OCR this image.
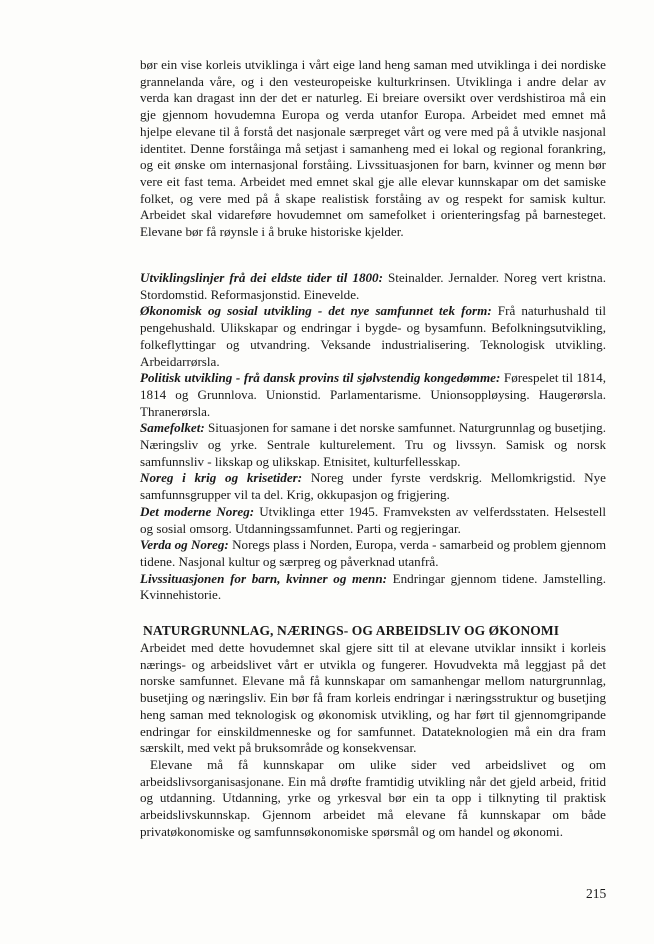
bør ein vise korleis utviklinga i vårt eige land heng saman med utviklinga i dei nordiske grannelanda våre, og i den vesteuropeiske kulturkrinsen. Utviklinga i andre delar av verda kan dragast inn der det er naturleg. Ei breiare oversikt over verdshistiroa må ein gje gjennom hovudemna Europa og verda utanfor Europa. Arbeidet med emnet må hjelpe elevane til å forstå det nasjonale særpreget vårt og vere med på å utvikle nasjonal identitet. Denne forståinga må setjast i samanheng med ei lokal og regional forankring, og eit ønske om internasjonal forståing. Livssituasjonen for barn, kvinner og menn bør vere eit fast tema. Arbeidet med emnet skal gje alle elevar kunnskapar om det samiske folket, og vere med på å skape realistisk forståing av og respekt for samisk kultur. Arbeidet skal vidareføre hovudemnet om samefolket i orienteringsfag på barnesteget. Elevane bør få røynsle i å bruke historiske kjelder.

Utviklingslinjer frå dei eldste tider til 1800: Steinalder. Jernalder. Noreg vert kristna. Stordomstid. Reformasjonstid. Einevelde.

Økonomisk og sosial utvikling - det nye samfunnet tek form: Frå naturhushald til pengehushald. Ulikskapar og endringar i bygde- og bysamfunn. Befolkningsutvikling, folkeflyttingar og utvandring. Veksande industrialisering. Teknologisk utvikling. Arbeidarrørsla.

Politisk utvikling - frå dansk provins til sjølvstendig kongedømme: Førespelet til 1814, 1814 og Grunnlova. Unionstid. Parlamentarisme. Unionsoppløysing. Haugerørsla. Thranerørsla.

Samefolket: Situasjonen for samane i det norske samfunnet. Naturgrunnlag og busetjing. Næringsliv og yrke. Sentrale kulturelement. Tru og livssyn. Samisk og norsk samfunnsliv - likskap og ulikskap. Etnisitet, kulturfellesskap.

Noreg i krig og krisetider: Noreg under fyrste verdskrig. Mellomkrigstid. Nye samfunnsgrupper vil ta del. Krig, okkupasjon og frigjering.

Det moderne Noreg: Utviklinga etter 1945. Framveksten av velferdsstaten. Helsestell og sosial omsorg. Utdanningssamfunnet. Parti og regjeringar.

Verda og Noreg: Noregs plass i Norden, Europa, verda - samarbeid og problem gjennom tidene. Nasjonal kultur og særpreg og påverknad utanfrå.

Livssituasjonen for barn, kvinner og menn: Endringar gjennom tidene. Jamstelling. Kvinnehistorie.

NATURGRUNNLAG, NÆRINGS- OG ARBEIDSLIV OG ØKONOMI

Arbeidet med dette hovudemnet skal gjere sitt til at elevane utviklar innsikt i korleis nærings- og arbeidslivet vårt er utvikla og fungerer. Hovudvekta må leggjast på det norske samfunnet. Elevane må få kunnskapar om samanhengar mellom naturgrunnlag, busetjing og næringsliv. Ein bør få fram korleis endringar i næringsstruktur og busetjing heng saman med teknologisk og økonomisk utvikling, og har ført til gjennomgripande endringar for einskildmenneske og for samfunnet. Datateknologien må ein dra fram særskilt, med vekt på bruksområde og konsekvensar.

Elevane må få kunnskapar om ulike sider ved arbeidslivet og om arbeidslivsorganisasjonane. Ein må drøfte framtidig utvikling når det gjeld arbeid, fritid og utdanning. Utdanning, yrke og yrkesval bør ein ta opp i tilknyting til praktisk arbeidslivskunnskap. Gjennom arbeidet må elevane få kunnskapar om både privatøkonomiske og samfunnsøkonomiske spørsmål og om handel og økonomi.

215
